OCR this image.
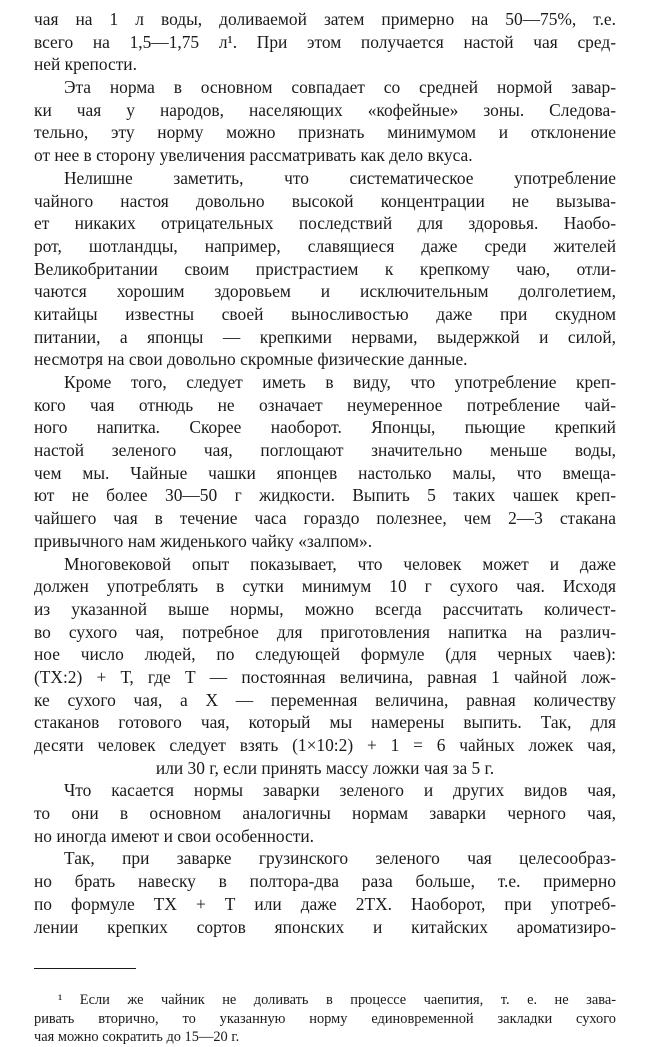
чая на 1 л воды, доливаемой затем примерно на 50—75%, т.е.
всего на 1,5—1,75 л¹. При этом получается настой чая сред-
ней крепости.
Эта норма в основном совпадает со средней нормой завар-
ки чая у народов, населяющих «кофейные» зоны. Следова-
тельно, эту норму можно признать минимумом и отклонение
от нее в сторону увеличения рассматривать как дело вкуса.
Нелишне заметить, что систематическое употребление
чайного настоя довольно высокой концентрации не вызыва-
ет никаких отрицательных последствий для здоровья. Наобо-
рот, шотландцы, например, славящиеся даже среди жителей
Великобритании своим пристрастием к крепкому чаю, отли-
чаются хорошим здоровьем и исключительным долголетием,
китайцы известны своей выносливостью даже при скудном
питании, а японцы — крепкими нервами, выдержкой и силой,
несмотря на свои довольно скромные физические данные.
Кроме того, следует иметь в виду, что употребление креп-
кого чая отнюдь не означает неумеренное потребление чай-
ного напитка. Скорее наоборот. Японцы, пьющие крепкий
настой зеленого чая, поглощают значительно меньше воды,
чем мы. Чайные чашки японцев настолько малы, что вмеща-
ют не более 30—50 г жидкости. Выпить 5 таких чашек креп-
чайшего чая в течение часа гораздо полезнее, чем 2—3 стакана
привычного нам жиденького чайку «залпом».
Многовековой опыт показывает, что человек может и даже
должен употреблять в сутки минимум 10 г сухого чая. Исходя
из указанной выше нормы, можно всегда рассчитать количест-
во сухого чая, потребное для приготовления напитка на различ-
ное число людей, по следующей формуле (для черных чаев):
(ТХ:2) + Т, где Т — постоянная величина, равная 1 чайной лож-
ке сухого чая, а X — переменная величина, равная количеству
стаканов готового чая, который мы намерены выпить. Так, для
десяти человек следует взять (1×10:2) + 1 = 6 чайных ложек чая,
или 30 г, если принять массу ложки чая за 5 г.
Что касается нормы заварки зеленого и других видов чая,
то они в основном аналогичны нормам заварки черного чая,
но иногда имеют и свои особенности.
Так, при заварке грузинского зеленого чая целесообраз-
но брать навеску в полтора-два раза больше, т.е. примерно
по формуле ТХ + Т или даже 2ТХ. Наоборот, при употреб-
лении крепких сортов японских и китайских ароматизиро-
¹ Если же чайник не доливать в процессе чаепития, т. е. не зава-
ривать вторично, то указанную норму единовременной закладки сухого
чая можно сократить до 15—20 г.
